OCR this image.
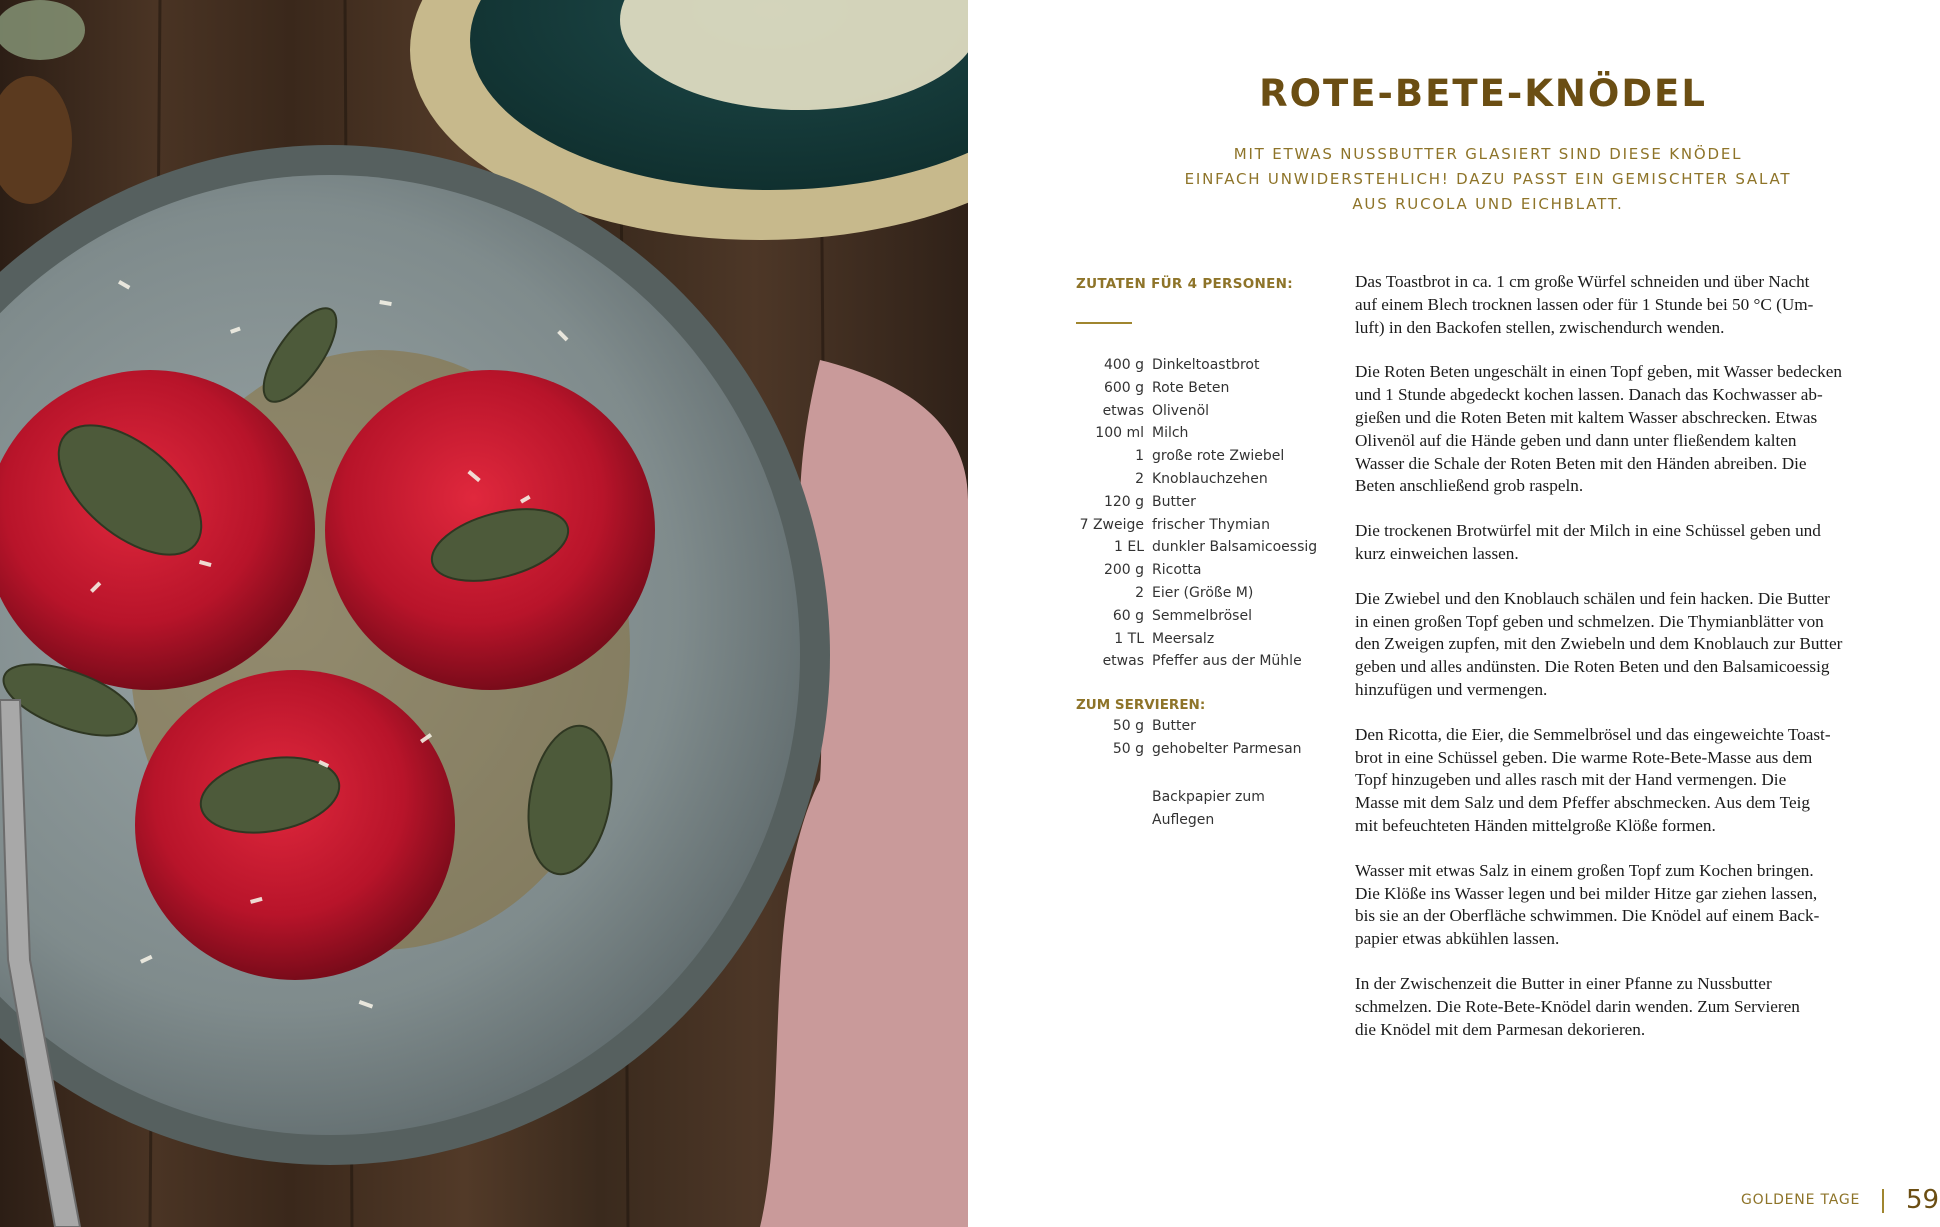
ROTE-BETE-KNÖDEL
MIT ETWAS NUSSBUTTER GLASIERT SIND DIESE KNÖDEL
EINFACH UNWIDERSTEHLICH! DAZU PASST EIN GEMISCHTER SALAT
AUS RUCOLA UND EICHBLATT.
ZUTATEN FÜR 4 PERSONEN:
400 g Dinkeltoastbrot
600 g Rote Beten
etwas Olivenöl
100 ml Milch
1 große rote Zwiebel
2 Knoblauchzehen
120 g Butter
7 Zweige frischer Thymian
1 EL dunkler Balsamicoessig
200 g Ricotta
2 Eier (Größe M)
60 g Semmelbrösel
1 TL Meersalz
etwas Pfeffer aus der Mühle
ZUM SERVIEREN:
50 g Butter
50 g gehobelter Parmesan
Backpapier zum
Auflegen

Das Toastbrot in ca. 1 cm große Würfel schneiden und über Nacht
auf einem Blech trocknen lassen oder für 1 Stunde bei 50 °C (Um-
luft) in den Backofen stellen, zwischendurch wenden.

Die Roten Beten ungeschält in einen Topf geben, mit Wasser bedecken
und 1 Stunde abgedeckt kochen lassen. Danach das Kochwasser ab-
gießen und die Roten Beten mit kaltem Wasser abschrecken. Etwas
Olivenöl auf die Hände geben und dann unter fließendem kalten
Wasser die Schale der Roten Beten mit den Händen abreiben. Die
Beten anschließend grob raspeln.

Die trockenen Brotwürfel mit der Milch in eine Schüssel geben und
kurz einweichen lassen.

Die Zwiebel und den Knoblauch schälen und fein hacken. Die Butter
in einen großen Topf geben und schmelzen. Die Thymianblätter von
den Zweigen zupfen, mit den Zwiebeln und dem Knoblauch zur Butter
geben und alles andünsten. Die Roten Beten und den Balsamicoessig
hinzufügen und vermengen.

Den Ricotta, die Eier, die Semmelbrösel und das eingeweichte Toast-
brot in eine Schüssel geben. Die warme Rote-Bete-Masse aus dem
Topf hinzugeben und alles rasch mit der Hand vermengen. Die
Masse mit dem Salz und dem Pfeffer abschmecken. Aus dem Teig
mit befeuchteten Händen mittelgroße Klöße formen.

Wasser mit etwas Salz in einem großen Topf zum Kochen bringen.
Die Klöße ins Wasser legen und bei milder Hitze gar ziehen lassen,
bis sie an der Oberfläche schwimmen. Die Knödel auf einem Back-
papier etwas abkühlen lassen.

In der Zwischenzeit die Butter in einer Pfanne zu Nussbutter
schmelzen. Die Rote-Bete-Knödel darin wenden. Zum Servieren
die Knödel mit dem Parmesan dekorieren.

GOLDENE TAGE 59
